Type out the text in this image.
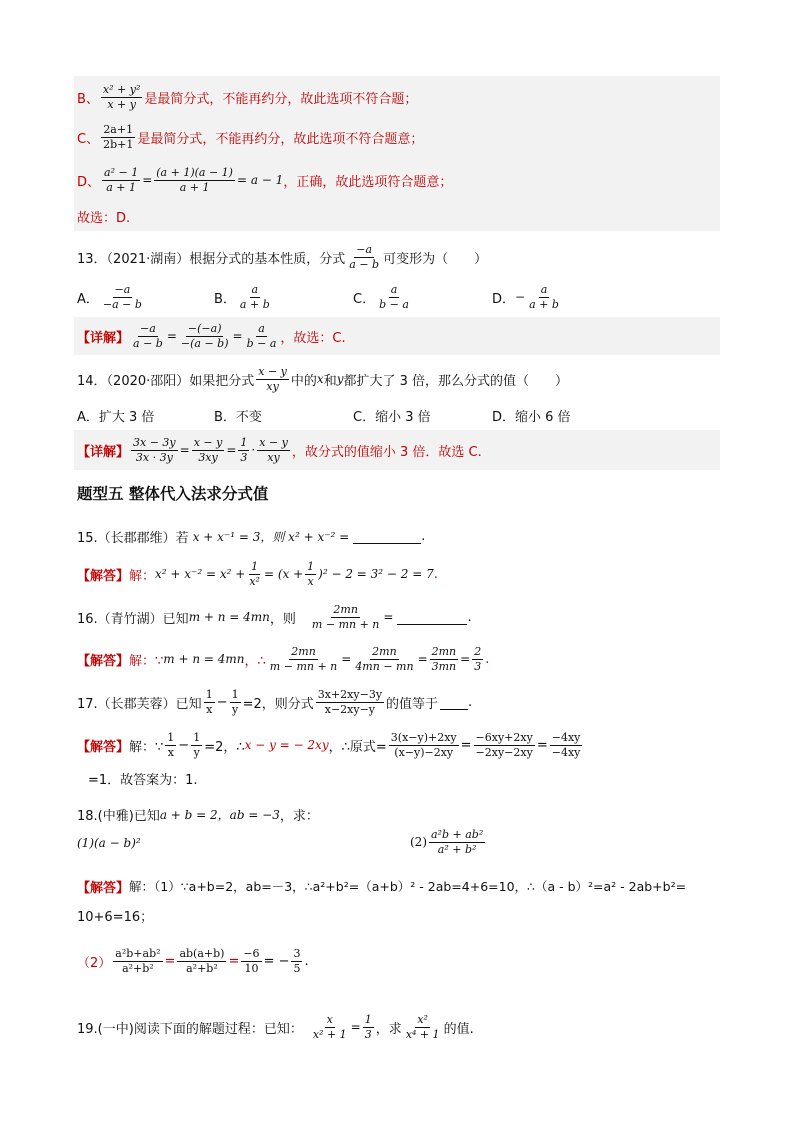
B、 $\frac{\text{x² + y²}}{x + y}$ 是最简分式，不能再约分，故此选项不符合题；
C、 $\frac{2a+1}{2b+1}$ 是最简分式，不能再约分，故此选项不符合题意；
D、 $\frac{\text{a² − 1}}{a + 1} = \frac{(a + 1)(a - 1)}{a + 1} = a - 1$ ，正确，故此选项符合题意；
故选：D.
13．（2021·湖南）根据分式的基本性质，分式 $\frac{-a}{a - b}$ 可变形为（　　）
A． $\frac{-a}{-a - b}$	B． $\frac{a}{a + b}$	C． $\frac{a}{b - a}$	D． − $\frac{a}{a + b}$
【详解】 $\frac{-a}{a - b} = \frac{-(-a)}{-(a - b)} = \frac{a}{b - a}$ ，故选：C.
14．（2020·邵阳）如果把分式 $\frac{x - y}{xy}$ 中的 x 和 y 都扩大了 3 倍，那么分式的值（　　）
A．扩大 3 倍	B．不变	C．缩小 3 倍	D．缩小 6 倍
【详解】 $\frac{3x - 3y}{3x \cdot 3y} = \frac{x - y}{3xy} = \frac{1}{3} \cdot \frac{x - y}{xy}$ ，故分式的值缩小 3 倍．故选 C.
题型五 整体代入法求分式值
15.（长郡郡维）若 x + x⁻¹ = 3，则 x² + x⁻² =	.
【解答】 解： $x^2 + x^{-2} = x^2 + \frac{1}{\text{x²}} = (x + \frac{1}{x} )^2 - 2 = 3^2 - 2 = 7$ .
16.（青竹湖）已知 m + n = 4mn ，则 $\frac{2mn}{m - mn + n}$ =	.
【解答】 解：∵ m + n = 4mn ，∴ $\frac{2mn}{m - mn + n} = \frac{2mn}{4mn - mn} = \frac{2mn}{3mn} = \frac{2}{3}$ .
17.（长郡芙蓉）已知 $\frac{1}{x} - \frac{1}{y} =2$，则分式 $\frac{3x+2xy-3y}{x-2xy-y}$ 的值等于 .
【解答】 解：∵ $\frac{1}{x} - \frac{1}{y} =2$，∴ x − y = − 2xy ，∴原式= $\frac{3(x-y)+2xy}{(x-y)-2xy} = \frac{-6xy+2xy}{-2xy-2xy} = \frac{-4xy}{-4xy}$
=1．故答案为：1.
18.(中雅)已知 a + b = 2，ab = −3 ，求：
(1)(a − b)²	$(2) \frac{\text{a²b + ab²}}{\text{a² + b²}}$
【解答】 解：（1）∵a+b=2，ab=－3，∴a²+b²=（a+b）² - 2ab=4+6=10，∴（a - b）²=a² - 2ab+b²=
10+6=16；
$(2) \frac{\text{a²b+ab²}}{\text{a²+b²}} = \frac{ab(a+b)}{\text{a²+b²}} = \frac{-6}{10}$ = − $\frac{3}{5}$ .
19.(一中)阅读下面的解题过程：已知： $\frac{x}{\text{x² + 1}} = \frac{1}{3}$ ，求 $\frac{\text{x²}}{\text{x⁴ + 1}}$ 的值.
